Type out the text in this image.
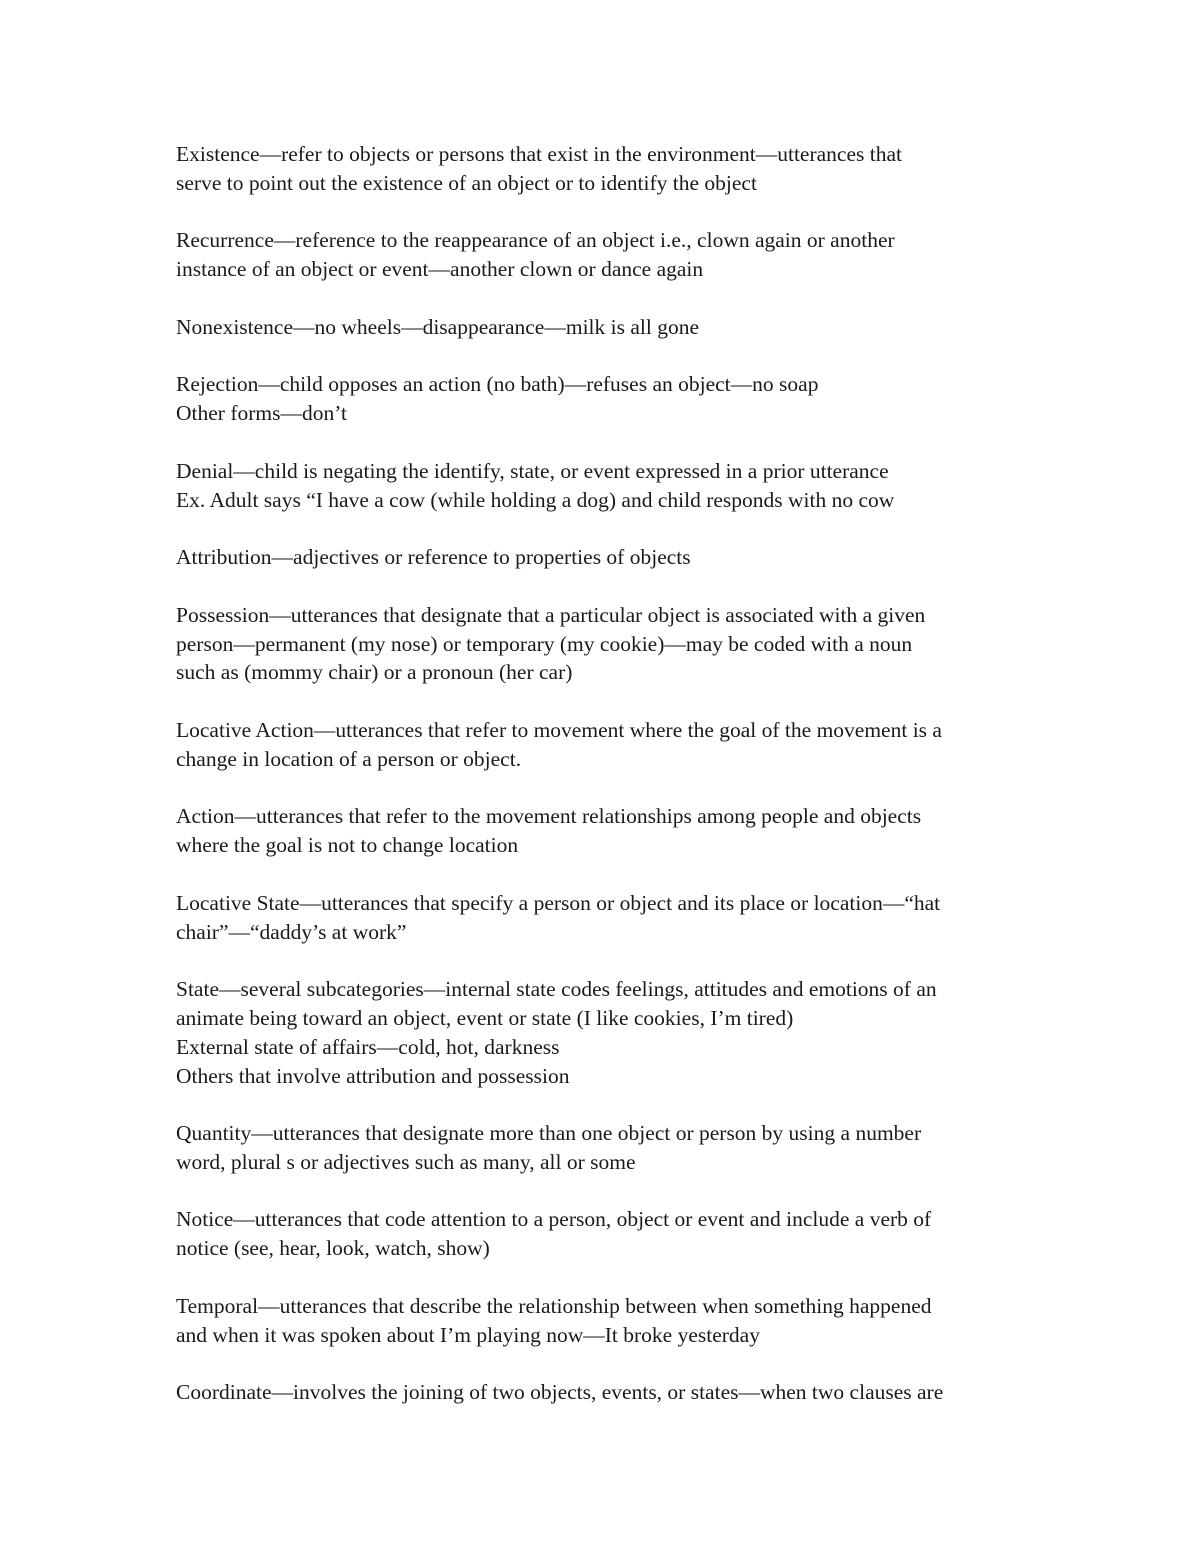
Existence—refer to objects or persons that exist in the environment—utterances that
serve to point out the existence of an object or to identify the object
Recurrence—reference to the reappearance of an object i.e., clown again or another
instance of an object or event—another clown or dance again
Nonexistence—no wheels—disappearance—milk is all gone
Rejection—child opposes an action (no bath)—refuses an object—no soap
Other forms—don’t
Denial—child is negating the identify, state, or event expressed in a prior utterance
Ex. Adult says “I have a cow (while holding a dog) and child responds with no cow
Attribution—adjectives or reference to properties of objects
Possession—utterances that designate that a particular object is associated with a given
person—permanent (my nose) or temporary (my cookie)—may be coded with a noun
such as (mommy chair) or a pronoun (her car)
Locative Action—utterances that refer to movement where the goal of the movement is a
change in location of a person or object.
Action—utterances that refer to the movement relationships among people and objects
where the goal is not to change location
Locative State—utterances that specify a person or object and its place or location—“hat
chair”—“daddy’s at work”
State—several subcategories—internal state codes feelings, attitudes and emotions of an
animate being toward an object, event or state (I like cookies, I’m tired)
External state of affairs—cold, hot, darkness
Others that involve attribution and possession
Quantity—utterances that designate more than one object or person by using a number
word, plural s or adjectives such as many, all or some
Notice—utterances that code attention to a person, object or event and include a verb of
notice (see, hear, look, watch, show)
Temporal—utterances that describe the relationship between when something happened
and when it was spoken about I’m playing now—It broke yesterday
Coordinate—involves the joining of two objects, events, or states—when two clauses are
